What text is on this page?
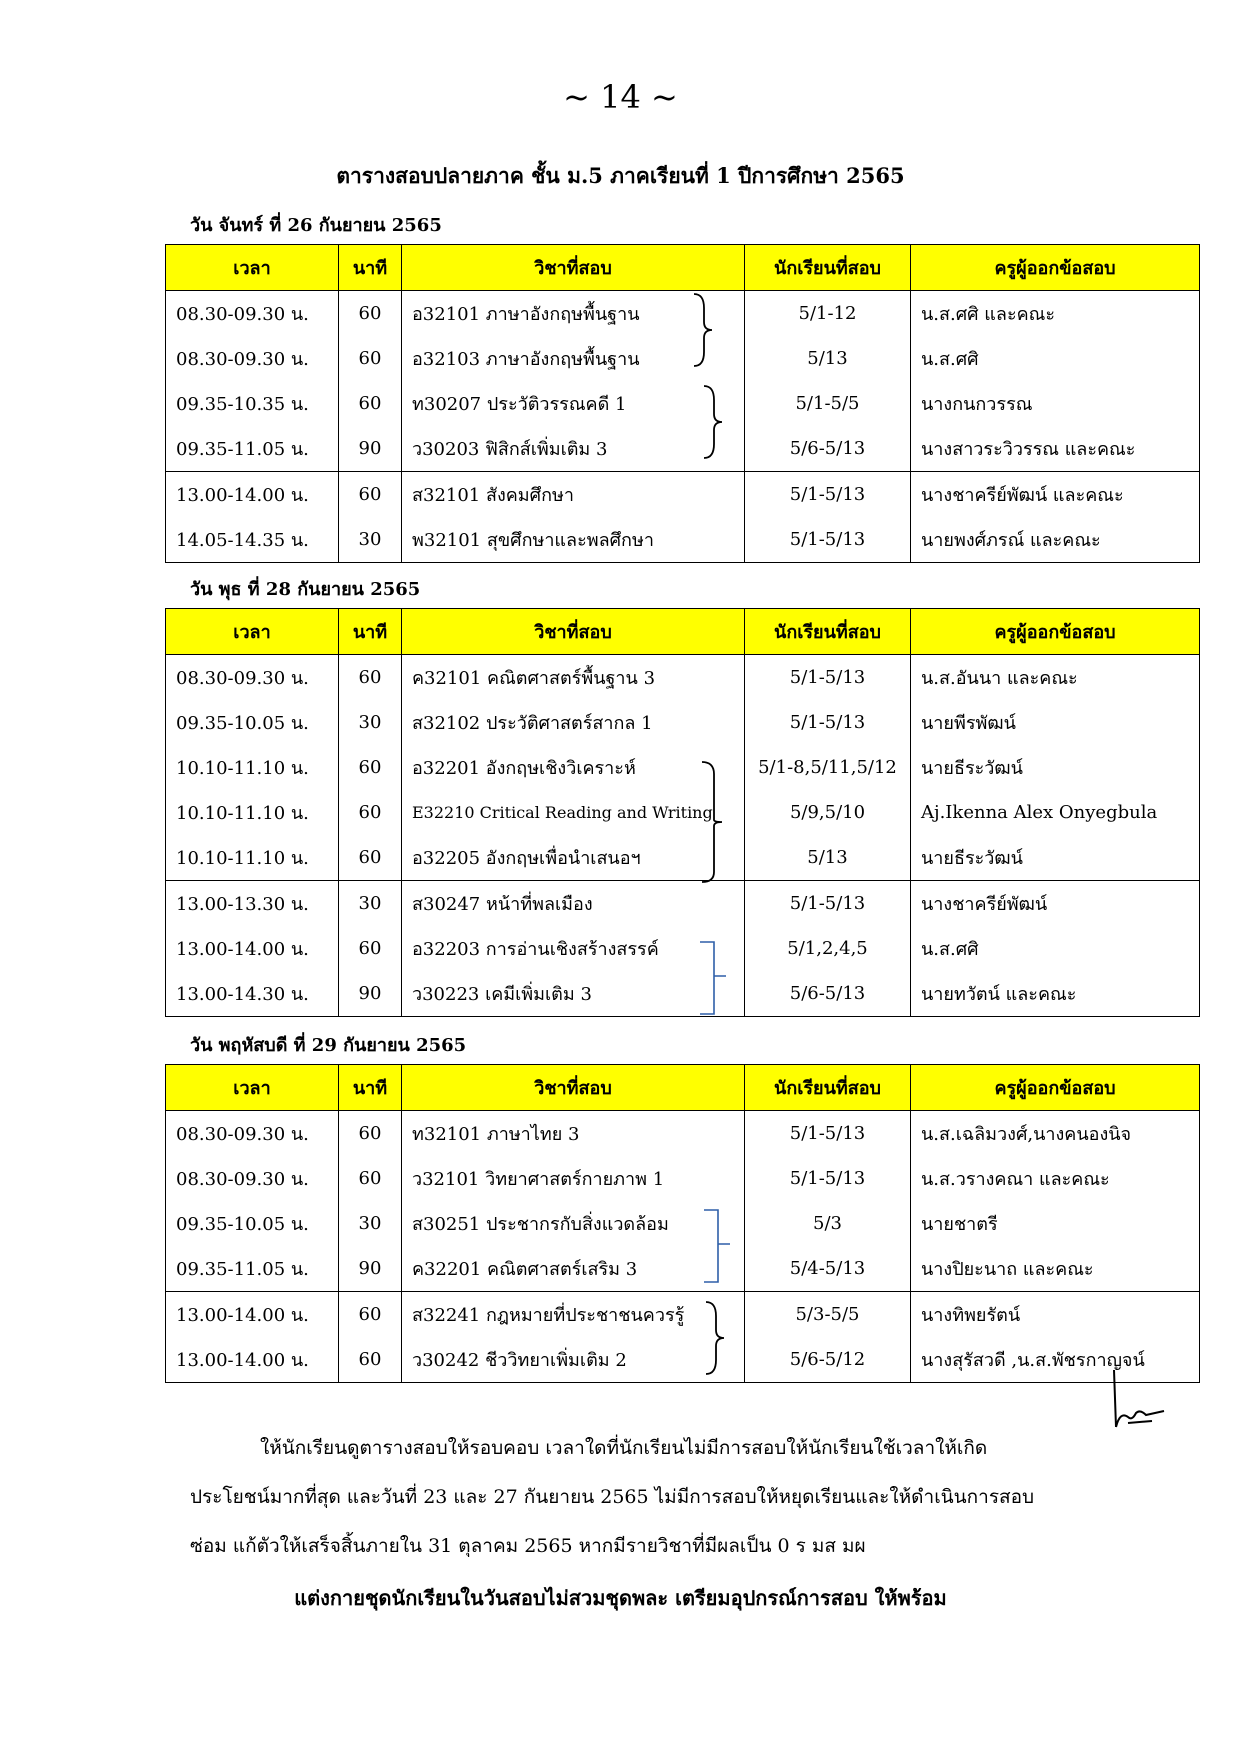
~ 14 ~
ตารางสอบปลายภาค ชั้น ม.5 ภาคเรียนที่ 1 ปีการศึกษา 2565
วัน จันทร์ ที่ 26 กันยายน 2565
เวลา	นาที	วิชาที่สอบ	นักเรียนที่สอบ	ครูผู้ออกข้อสอบ
08.30-09.30 น.	60	อ32101 ภาษาอังกฤษพื้นฐาน	5/1-12	น.ส.ศศิ และคณะ
08.30-09.30 น.	60	อ32103 ภาษาอังกฤษพื้นฐาน	5/13	น.ส.ศศิ
09.35-10.35 น.	60	ท30207 ประวัติวรรณคดี 1	5/1-5/5	นางกนกวรรณ
09.35-11.05 น.	90	ว30203 ฟิสิกส์เพิ่มเติม 3	5/6-5/13	นางสาวระวิวรรณ และคณะ
13.00-14.00 น.	60	ส32101 สังคมศึกษา	5/1-5/13	นางชาครีย์พัฒน์ และคณะ
14.05-14.35 น.	30	พ32101 สุขศึกษาและพลศึกษา	5/1-5/13	นายพงศ์ภรณ์ และคณะ
วัน พุธ ที่ 28 กันยายน 2565
เวลา	นาที	วิชาที่สอบ	นักเรียนที่สอบ	ครูผู้ออกข้อสอบ
08.30-09.30 น.	60	ค32101 คณิตศาสตร์พื้นฐาน 3	5/1-5/13	น.ส.อันนา และคณะ
09.35-10.05 น.	30	ส32102 ประวัติศาสตร์สากล 1	5/1-5/13	นายพีรพัฒน์
10.10-11.10 น.	60	อ32201 อังกฤษเชิงวิเคราะห์	5/1-8,5/11,5/12	นายธีระวัฒน์
10.10-11.10 น.	60	E32210 Critical Reading and Writing	5/9,5/10	Aj.Ikenna Alex Onyegbula
10.10-11.10 น.	60	อ32205 อังกฤษเพื่อนำเสนอฯ	5/13	นายธีระวัฒน์
13.00-13.30 น.	30	ส30247 หน้าที่พลเมือง	5/1-5/13	นางชาครีย์พัฒน์
13.00-14.00 น.	60	อ32203 การอ่านเชิงสร้างสรรค์	5/1,2,4,5	น.ส.ศศิ
13.00-14.30 น.	90	ว30223 เคมีเพิ่มเติม 3	5/6-5/13	นายทวัตน์ และคณะ
วัน พฤหัสบดี ที่ 29 กันยายน 2565
เวลา	นาที	วิชาที่สอบ	นักเรียนที่สอบ	ครูผู้ออกข้อสอบ
08.30-09.30 น.	60	ท32101 ภาษาไทย 3	5/1-5/13	น.ส.เฉลิมวงศ์,นางคนองนิจ
08.30-09.30 น.	60	ว32101 วิทยาศาสตร์กายภาพ 1	5/1-5/13	น.ส.วรางคณา และคณะ
09.35-10.05 น.	30	ส30251 ประชากรกับสิ่งแวดล้อม	5/3	นายชาตรี
09.35-11.05 น.	90	ค32201 คณิตศาสตร์เสริม 3	5/4-5/13	นางปิยะนาถ และคณะ
13.00-14.00 น.	60	ส32241 กฎหมายที่ประชาชนควรรู้	5/3-5/5	นางทิพยรัตน์
13.00-14.00 น.	60	ว30242 ชีววิทยาเพิ่มเติม 2	5/6-5/12	นางสุรัสวดี ,น.ส.พัชรกาญจน์
ให้นักเรียนดูตารางสอบให้รอบคอบ เวลาใดที่นักเรียนไม่มีการสอบให้นักเรียนใช้เวลาให้เกิด
ประโยชน์มากที่สุด และวันที่ 23 และ 27 กันยายน 2565 ไม่มีการสอบให้หยุดเรียนและให้ดำเนินการสอบ
ซ่อม แก้ตัวให้เสร็จสิ้นภายใน 31 ตุลาคม 2565 หากมีรายวิชาที่มีผลเป็น 0 ร มส มผ
แต่งกายชุดนักเรียนในวันสอบไม่สวมชุดพละ เตรียมอุปกรณ์การสอบ ให้พร้อม
